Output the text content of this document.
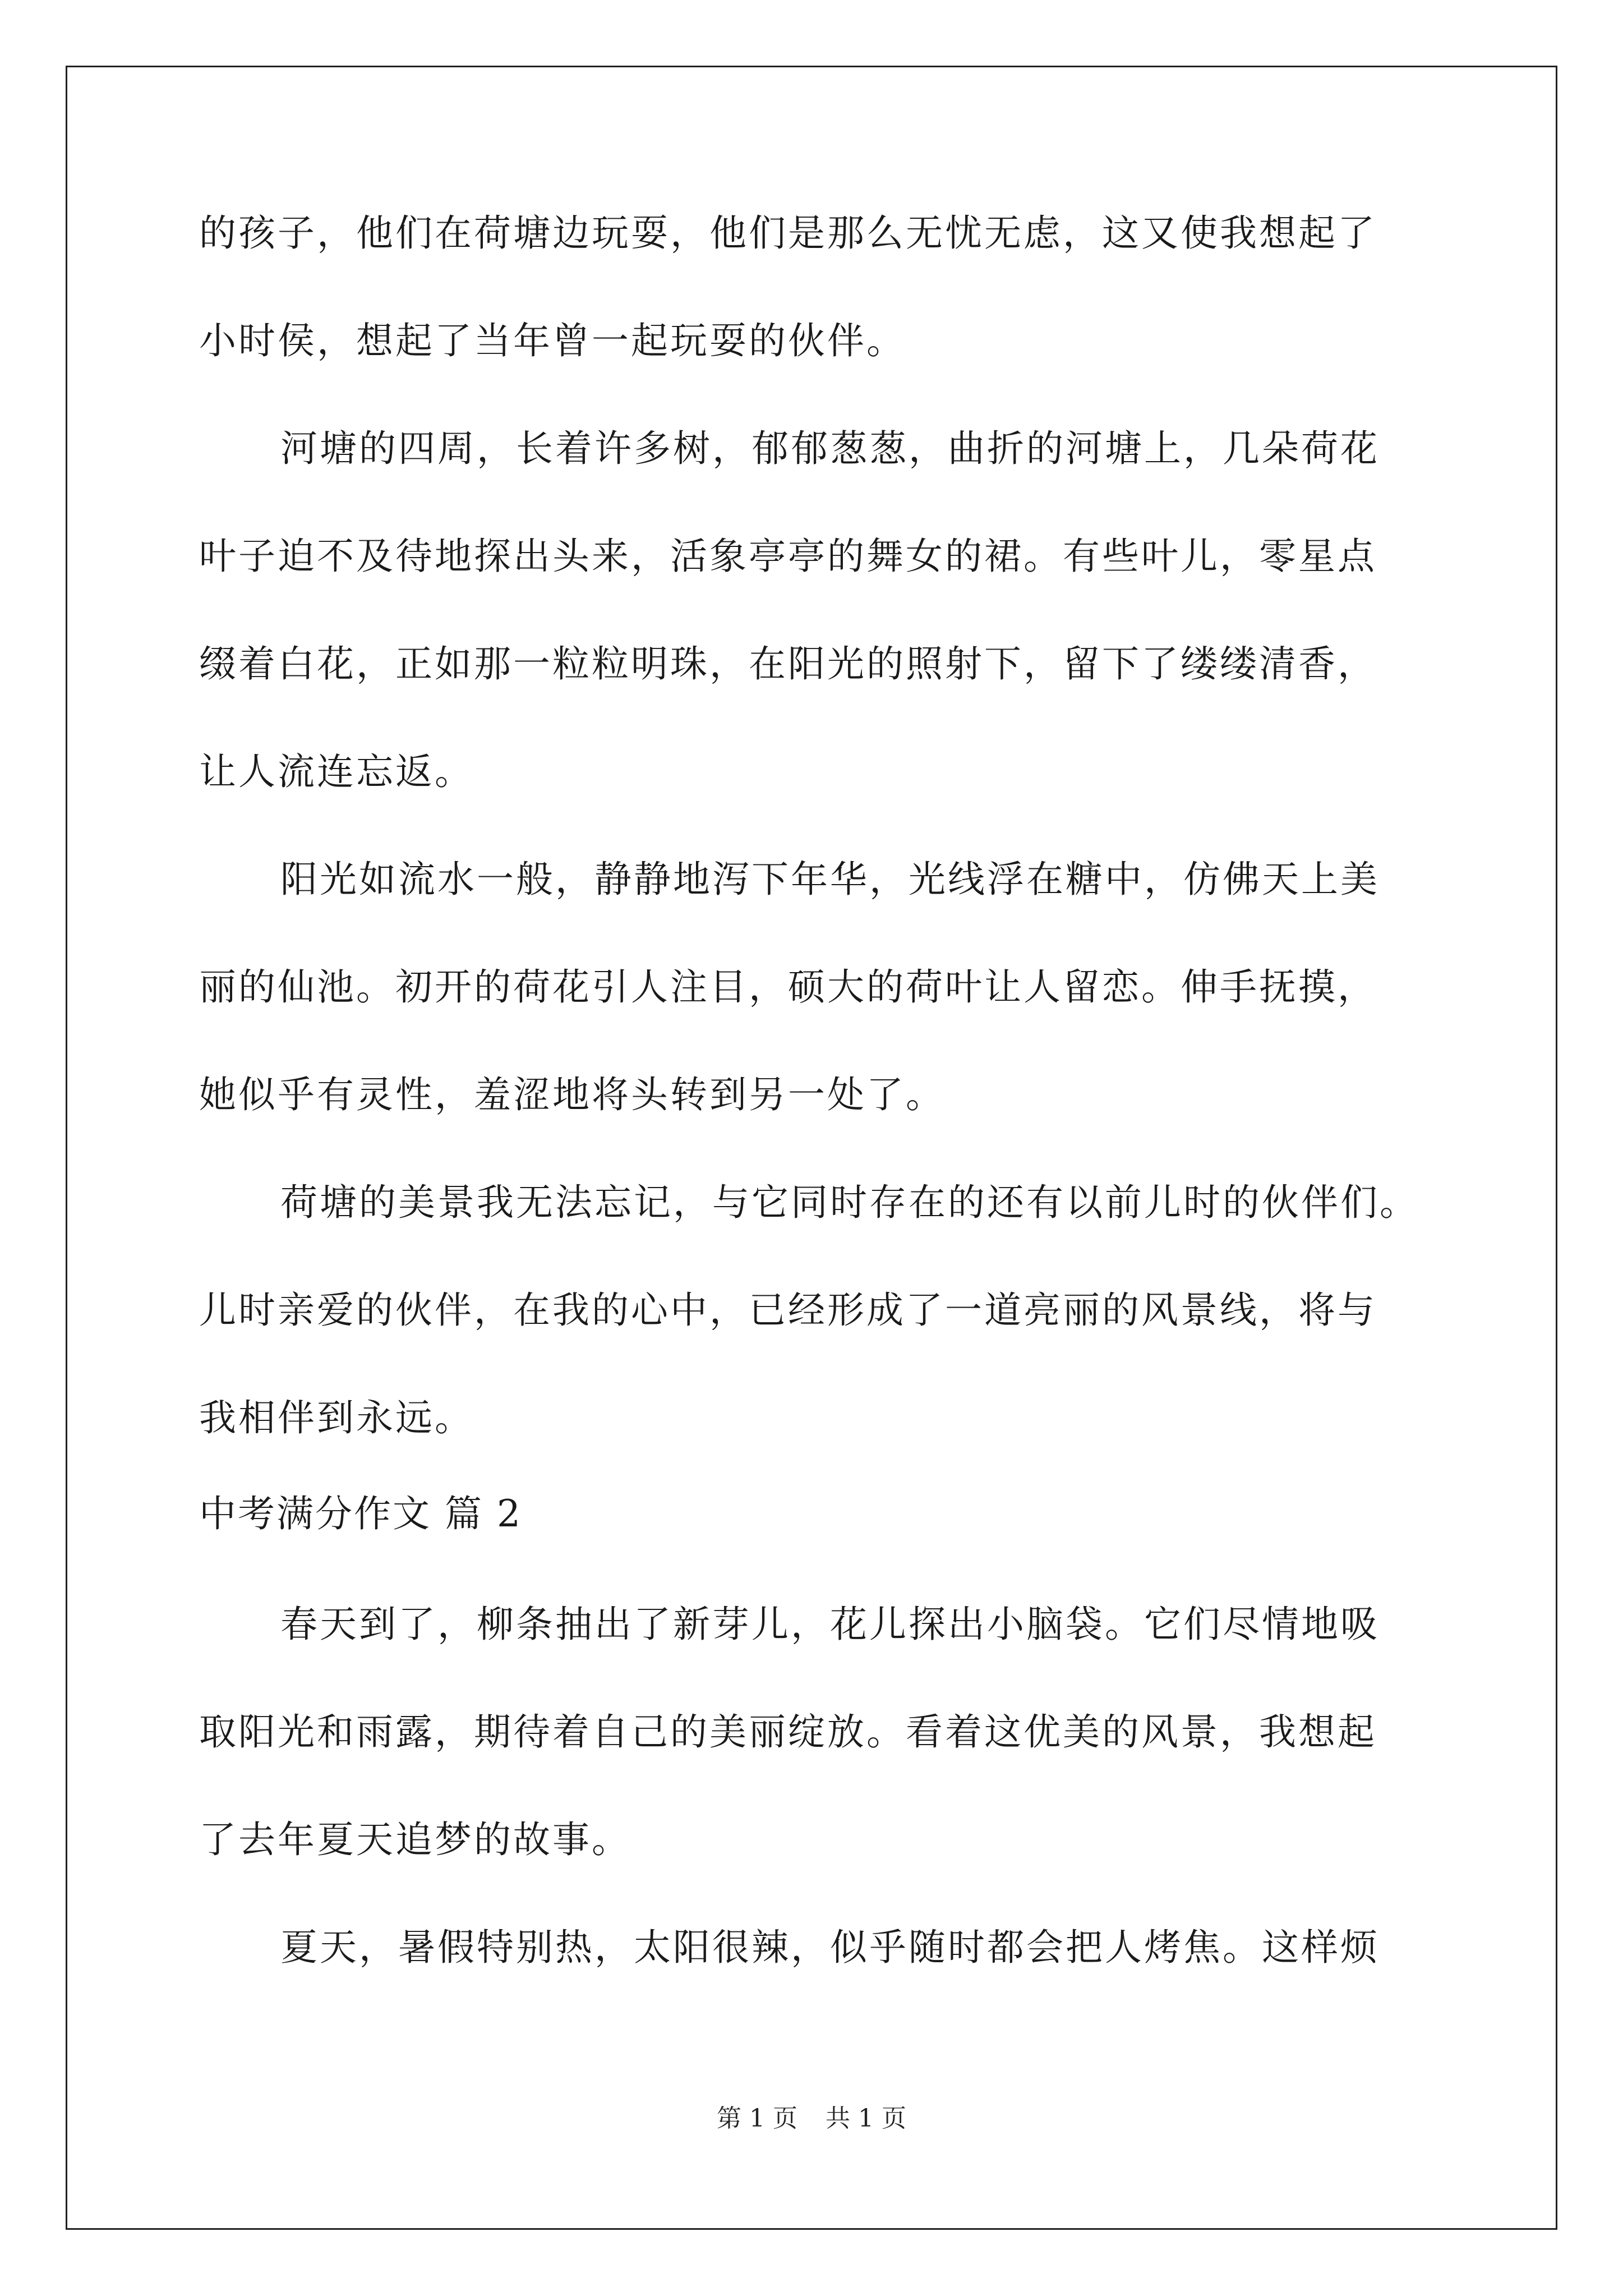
的孩子，他们在荷塘边玩耍，他们是那么无忧无虑，这又使我想起了
小时侯，想起了当年曾一起玩耍的伙伴。
河塘的四周，长着许多树，郁郁葱葱，曲折的河塘上，几朵荷花
叶子迫不及待地探出头来，活象亭亭的舞女的裙。有些叶儿，零星点
缀着白花，正如那一粒粒明珠，在阳光的照射下，留下了缕缕清香，
让人流连忘返。
阳光如流水一般，静静地泻下年华，光线浮在糖中，仿佛天上美
丽的仙池。初开的荷花引人注目，硕大的荷叶让人留恋。伸手抚摸，
她似乎有灵性，羞涩地将头转到另一处了。
荷塘的美景我无法忘记，与它同时存在的还有以前儿时的伙伴们。
儿时亲爱的伙伴，在我的心中，已经形成了一道亮丽的风景线，将与
我相伴到永远。
中考满分作文 篇 2
春天到了，柳条抽出了新芽儿，花儿探出小脑袋。它们尽情地吸
取阳光和雨露，期待着自己的美丽绽放。看着这优美的风景，我想起
了去年夏天追梦的故事。
夏天，暑假特别热，太阳很辣，似乎随时都会把人烤焦。这样烦
第 1 页 共 1 页
